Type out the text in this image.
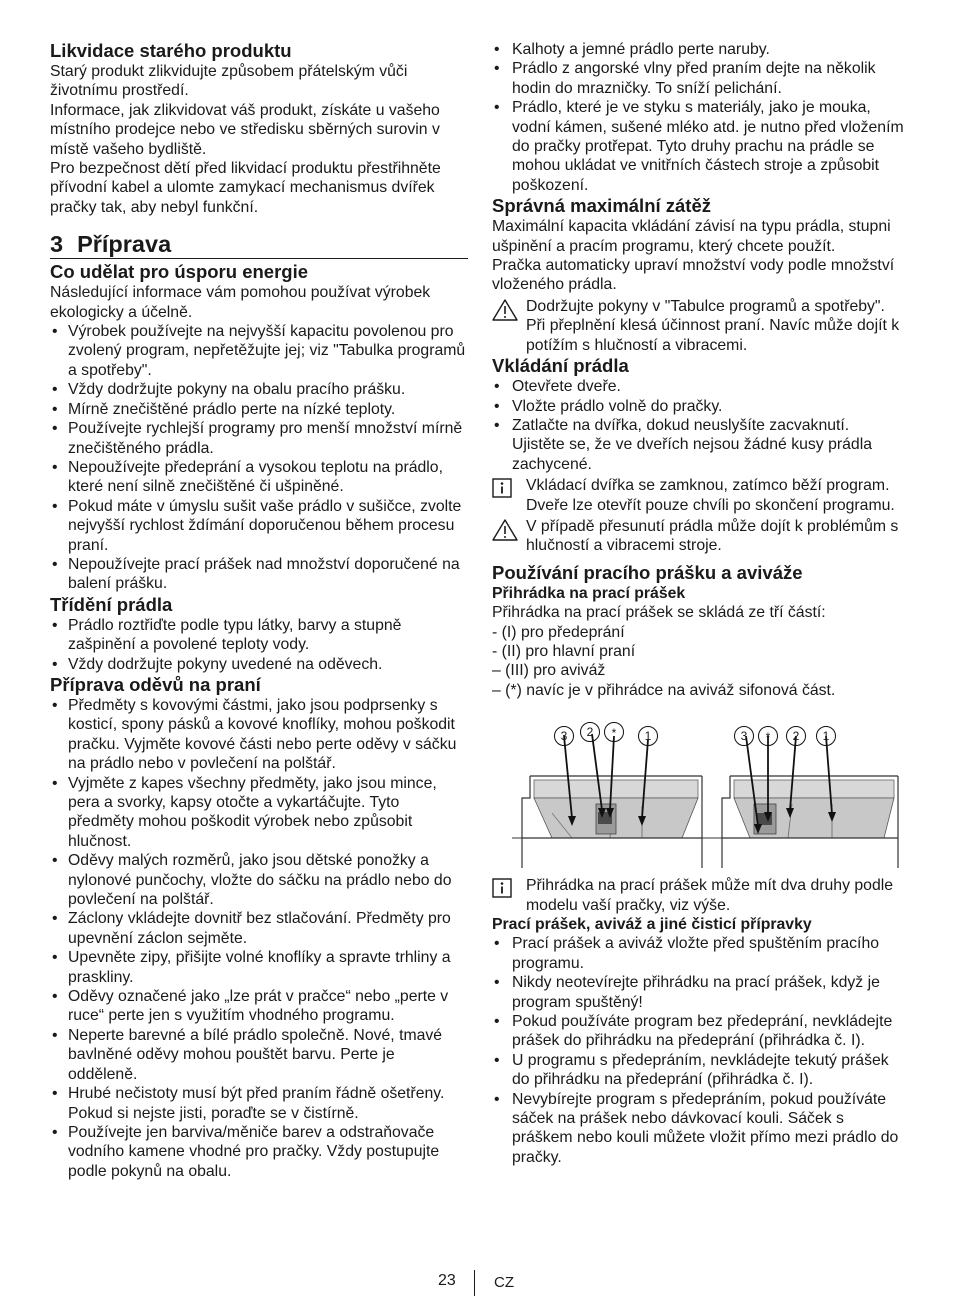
Likvidace starého produktu

Starý produkt zlikvidujte způsobem přátelským vůči životnímu prostředí.

Informace, jak zlikvidovat váš produkt, získáte u vašeho místního prodejce nebo ve středisku sběrných surovin v místě vašeho bydliště.

Pro bezpečnost dětí před likvidací produktu přestřihněte přívodní kabel a ulomte zamykací mechanismus dvířek pračky tak, aby nebyl funkční.

3 Příprava
Co udělat pro úsporu energie

Následující informace vám pomohou používat výrobek ekologicky a účelně.

• Výrobek používejte na nejvyšší kapacitu povolenou pro zvolený program, nepřetěžujte jej; viz "Tabulka programů a spotřeby".
• Vždy dodržujte pokyny na obalu pracího prášku.
• Mírně znečištěné prádlo perte na nízké teploty.
• Používejte rychlejší programy pro menší množství mírně znečištěného prádla.
• Nepoužívejte předeprání a vysokou teplotu na prádlo, které není silně znečištěné či ušpiněné.
• Pokud máte v úmyslu sušit vaše prádlo v sušičce, zvolte nejvyšší rychlost ždímání doporučenou během procesu praní.
• Nepoužívejte prací prášek nad množství doporučené na balení prášku.
Třídění prádla
• Prádlo roztřiďte podle typu látky, barvy a stupně zašpinění a povolené teploty vody.
• Vždy dodržujte pokyny uvedené na oděvech.
Příprava oděvů na praní
• Předměty s kovovými částmi, jako jsou podprsenky s kosticí, spony pásků a kovové knoflíky, mohou poškodit pračku. Vyjměte kovové části nebo perte oděvy v sáčku na prádlo nebo v povlečení na polštář.
• Vyjměte z kapes všechny předměty, jako jsou mince, pera a svorky, kapsy otočte a vykartáčujte. Tyto předměty mohou poškodit výrobek nebo způsobit hlučnost.
• Oděvy malých rozměrů, jako jsou dětské ponožky a nylonové punčochy, vložte do sáčku na prádlo nebo do povlečení na polštář.
• Záclony vkládejte dovnitř bez stlačování. Předměty pro upevnění záclon sejměte.
• Upevněte zipy, přišijte volné knoflíky a spravte trhliny a praskliny.
• Oděvy označené jako „lze prát v pračce“ nebo „perte v ruce“ perte jen s využitím vhodného programu.
• Neperte barevné a bílé prádlo společně. Nové, tmavé bavlněné oděvy mohou pouštět barvu. Perte je odděleně.
• Hrubé nečistoty musí být před praním řádně ošetřeny. Pokud si nejste jisti, poraďte se v čistírně.
• Používejte jen barviva/měniče barev a odstraňovače vodního kamene vhodné pro pračky. Vždy postupujte podle pokynů na obalu.
• Kalhoty a jemné prádlo perte naruby.
• Prádlo z angorské vlny před praním dejte na několik hodin do mrazničky. To sníží pelichání.
• Prádlo, které je ve styku s materiály, jako je mouka, vodní kámen, sušené mléko atd. je nutno před vložením do pračky protřepat. Tyto druhy prachu na prádle se mohou ukládat ve vnitřních částech stroje a způsobit poškození.
Správná maximální zátěž

Maximální kapacita vkládání závisí na typu prádla, stupni ušpinění a pracím programu, který chcete použít.

Pračka automaticky upraví množství vody podle množství vloženého prádla.

Dodržujte pokyny v "Tabulce programů a spotřeby". Při přeplnění klesá účinnost praní. Navíc může dojít k potížím s hlučností a vibracemi.

Vkládání prádla
• Otevřete dveře.
• Vložte prádlo volně do pračky.
• Zatlačte na dvířka, dokud neuslyšíte zacvaknutí. Ujistěte se, že ve dveřích nejsou žádné kusy prádla zachycené.

Vkládací dvířka se zamknou, zatímco běží program. Dveře lze otevřít pouze chvíli po skončení programu.

V případě přesunutí prádla může dojít k problémům s hlučností a vibracemi stroje.

Používání pracího prášku a aviváže
Přihrádka na prací prášek

Přihrádka na prací prášek se skládá ze tří částí:

- (I) pro předeprání

- (II) pro hlavní praní

– (III) pro aviváž

– (*) navíc je v přihrádce na aviváž sifonová část.

3	2	*	1	3	*	2	1

Přihrádka na prací prášek může mít dva druhy podle modelu vaší pračky, viz výše.

Prací prášek, aviváž a jiné čisticí přípravky
• Prací prášek a aviváž vložte před spuštěním pracího programu.
• Nikdy neotevírejte přihrádku na prací prášek, když je program spuštěný!
• Pokud používáte program bez předeprání, nevkládejte prášek do přihrádku na předeprání (přihrádka č. I).
• U programu s předepráním, nevkládejte tekutý prášek do přihrádku na předeprání (přihrádka č. I).
• Nevybírejte program s předepráním, pokud používáte sáček na prášek nebo dávkovací kouli. Sáček s práškem nebo kouli můžete vložit přímo mezi prádlo do pračky.
23	CZ
